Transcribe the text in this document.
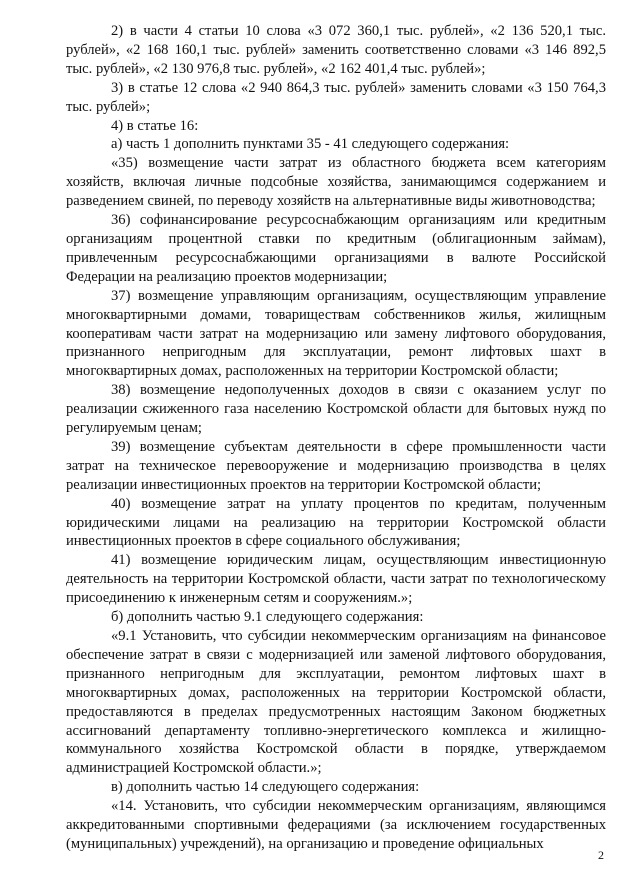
2) в части 4 статьи 10 слова «3 072 360,1 тыс. рублей», «2 136 520,1 тыс. рублей», «2 168 160,1 тыс. рублей» заменить соответственно словами «3 146 892,5 тыс. рублей», «2 130 976,8 тыс. рублей», «2 162 401,4 тыс. рублей»;

3) в статье 12 слова «2 940 864,3 тыс. рублей» заменить словами «3 150 764,3 тыс. рублей»;

4) в статье 16:

а) часть 1 дополнить пунктами 35 - 41 следующего содержания:

«35) возмещение части затрат из областного бюджета всем категориям хозяйств, включая личные подсобные хозяйства, занимающимся содержанием и разведением свиней, по переводу хозяйств на альтернативные виды животноводства;

36) софинансирование ресурсоснабжающим организациям или кредитным организациям процентной ставки по кредитным (облигационным займам), привлеченным ресурсоснабжающими организациями в валюте Российской Федерации на реализацию проектов модернизации;

37) возмещение управляющим организациям, осуществляющим управление многоквартирными домами, товариществам собственников жилья, жилищным кооперативам части затрат на модернизацию или замену лифтового оборудования, признанного непригодным для эксплуатации, ремонт лифтовых шахт в многоквартирных домах, расположенных на территории Костромской области;

38) возмещение недополученных доходов в связи с оказанием услуг по реализации сжиженного газа населению Костромской области для бытовых нужд по регулируемым ценам;

39) возмещение субъектам деятельности в сфере промышленности части затрат на техническое перевооружение и модернизацию производства в целях реализации инвестиционных проектов на территории Костромской области;

40) возмещение затрат на уплату процентов по кредитам, полученным юридическими лицами на реализацию на территории Костромской области инвестиционных проектов в сфере социального обслуживания;

41) возмещение юридическим лицам, осуществляющим инвестиционную деятельность на территории Костромской области, части затрат по технологическому присоединению к инженерным сетям и сооружениям.»;

б) дополнить частью 9.1 следующего содержания:

«9.1 Установить, что субсидии некоммерческим организациям на финансовое обеспечение затрат в связи с модернизацией или заменой лифтового оборудования, признанного непригодным для эксплуатации, ремонтом лифтовых шахт в многоквартирных домах, расположенных на территории Костромской области, предоставляются в пределах предусмотренных настоящим Законом бюджетных ассигнований департаменту топливно-энергетического комплекса и жилищно-коммунального хозяйства Костромской области в порядке, утверждаемом администрацией Костромской области.»;

в) дополнить частью 14 следующего содержания:

«14. Установить, что субсидии некоммерческим организациям, являющимся аккредитованными спортивными федерациями (за исключением государственных (муниципальных) учреждений), на организацию и проведение официальных

2
